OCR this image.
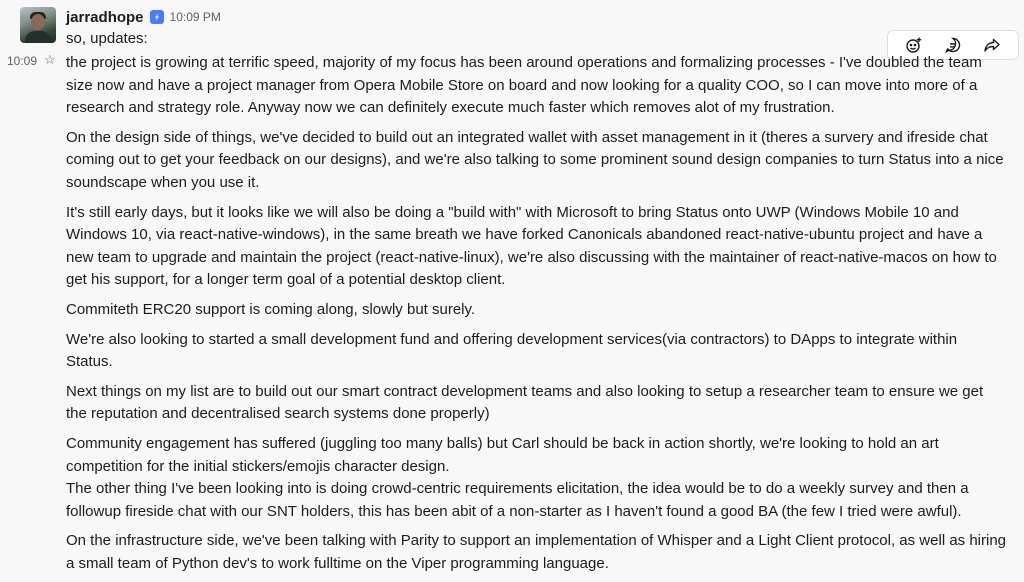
jarradhope 10:09 PM
so, updates:
10:09 ☆ the project is growing at terrific speed, majority of my focus has been around operations and formalizing processes - I've doubled the team size now and have a project manager from Opera Mobile Store on board and now looking for a quality COO, so I can move into more of a research and strategy role. Anyway now we can definitely execute much faster which removes alot of my frustration.

On the design side of things, we've decided to build out an integrated wallet with asset management in it (theres a survery and ifreside chat coming out to get your feedback on our designs), and we're also talking to some prominent sound design companies to turn Status into a nice soundscape when you use it.

It's still early days, but it looks like we will also be doing a "build with" with Microsoft to bring Status onto UWP (Windows Mobile 10 and Windows 10, via react-native-windows), in the same breath we have forked Canonicals abandoned react-native-ubuntu project and have a new team to upgrade and maintain the project (react-native-linux), we're also discussing with the maintainer of react-native-macos on how to get his support, for a longer term goal of a potential desktop client.

Commiteth ERC20 support is coming along, slowly but surely.

We're also looking to started a small development fund and offering development services(via contractors) to DApps to integrate within Status.

Next things on my list are to build out our smart contract development teams and also looking to setup a researcher team to ensure we get the reputation and decentralised search systems done properly)

Community engagement has suffered (juggling too many balls) but Carl should be back in action shortly, we're looking to hold an art competition for the initial stickers/emojis character design.

The other thing I've been looking into is doing crowd-centric requirements elicitation, the idea would be to do a weekly survey and then a followup fireside chat with our SNT holders, this has been abit of a non-starter as I haven't found a good BA (the few I tried were awful).

On the infrastructure side, we've been talking with Parity to support an implementation of Whisper and a Light Client protocol, as well as hiring a small team of Python dev's to work fulltime on the Viper programming language.
